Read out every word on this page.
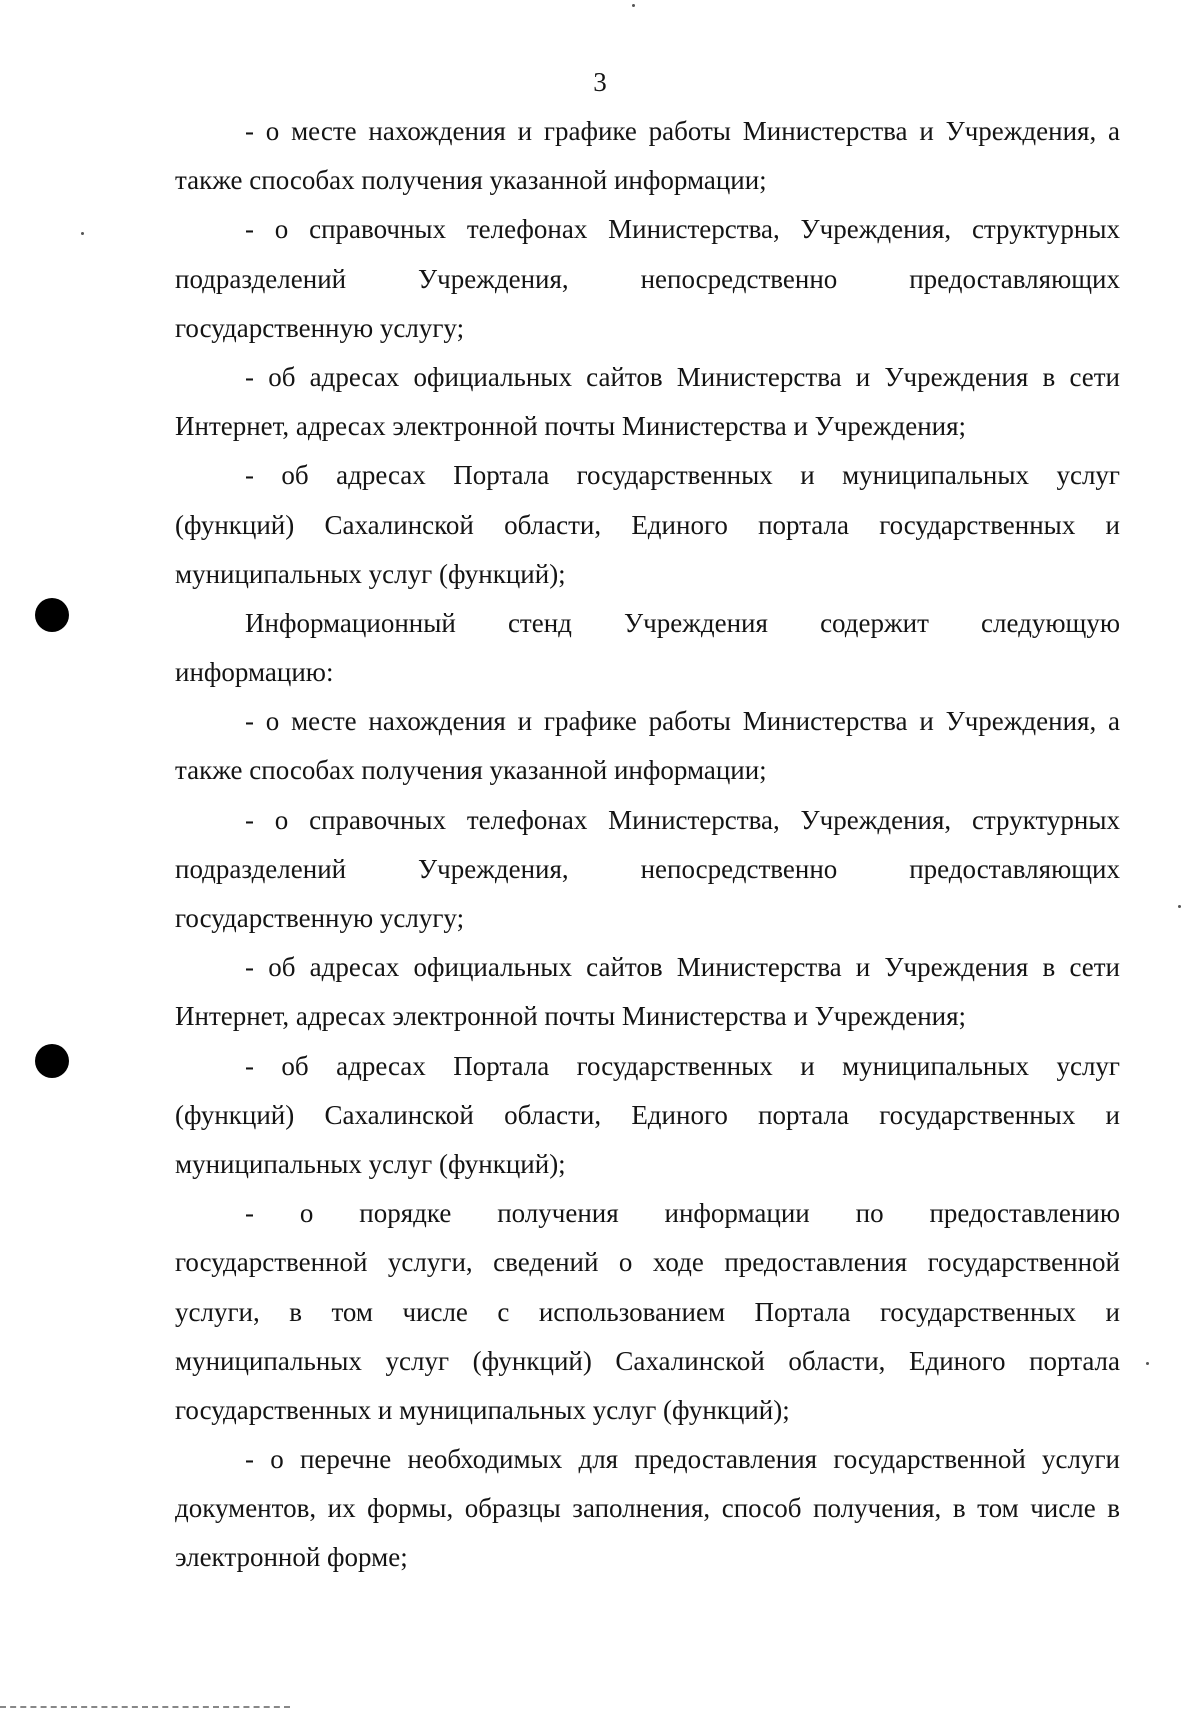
3
- о месте нахождения и графике работы Министерства и Учреждения, а
также способах получения указанной информации;
- о справочных телефонах Министерства, Учреждения, структурных
подразделений Учреждения, непосредственно предоставляющих
государственную услугу;
- об адресах официальных сайтов Министерства и Учреждения в сети
Интернет, адресах электронной почты Министерства и Учреждения;
- об адресах Портала государственных и муниципальных услуг
(функций) Сахалинской области, Единого портала государственных и
муниципальных услуг (функций);
Информационный стенд Учреждения содержит следующую
информацию:
- о месте нахождения и графике работы Министерства и Учреждения, а
также способах получения указанной информации;
- о справочных телефонах Министерства, Учреждения, структурных
подразделений Учреждения, непосредственно предоставляющих
государственную услугу;
- об адресах официальных сайтов Министерства и Учреждения в сети
Интернет, адресах электронной почты Министерства и Учреждения;
- об адресах Портала государственных и муниципальных услуг
(функций) Сахалинской области, Единого портала государственных и
муниципальных услуг (функций);
- о порядке получения информации по предоставлению
государственной услуги, сведений о ходе предоставления государственной
услуги, в том числе с использованием Портала государственных и
муниципальных услуг (функций) Сахалинской области, Единого портала
государственных и муниципальных услуг (функций);
- о перечне необходимых для предоставления государственной услуги
документов, их формы, образцы заполнения, способ получения, в том числе в
электронной форме;
